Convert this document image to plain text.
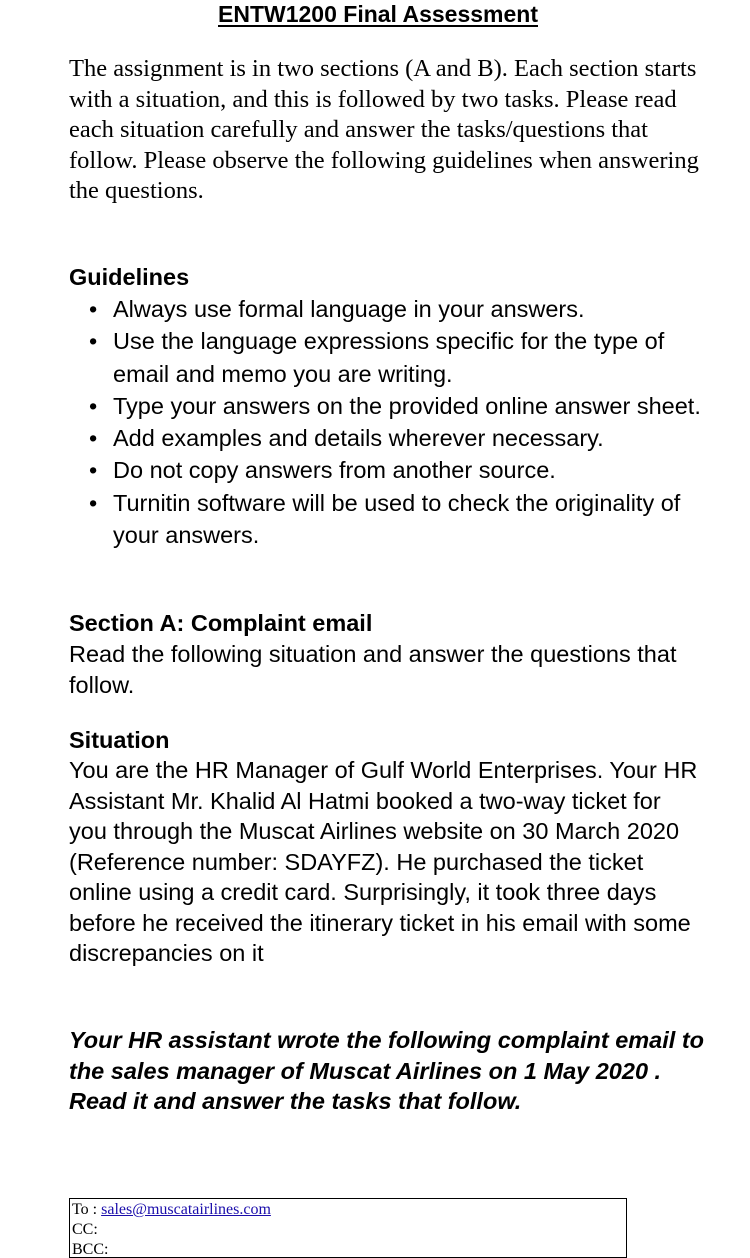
ENTW1200 Final Assessment

The assignment is in two sections (A and B). Each section starts with a situation, and this is followed by two tasks. Please read each situation carefully and answer the tasks/questions that follow. Please observe the following guidelines when answering the questions.

Guidelines

• Always use formal language in your answers.
• Use the language expressions specific for the type of email and memo you are writing.
• Type your answers on the provided online answer sheet.
• Add examples and details wherever necessary.
• Do not copy answers from another source.
• Turnitin software will be used to check the originality of your answers.

Section A: Complaint email

Read the following situation and answer the questions that follow.

Situation

You are the HR Manager of Gulf World Enterprises. Your HR Assistant Mr. Khalid Al Hatmi booked a two-way ticket for you through the Muscat Airlines website on 30 March 2020 (Reference number: SDAYFZ). He purchased the ticket online using a credit card. Surprisingly, it took three days before he received the itinerary ticket in his email with some discrepancies on it

Your HR assistant wrote the following complaint email to the sales manager of Muscat Airlines on 1 May 2020 . Read it and answer the tasks that follow.

To : sales@muscatairlines.com
CC:
BCC:
